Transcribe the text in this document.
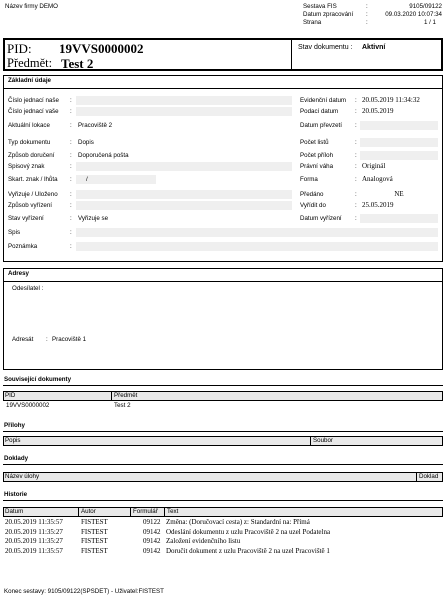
Název firmy DEMO	Sestava FIS	:	9105/09122
Datum zpracování :	09.03.2020 10:07:34
Strana	:	1 / 1
PID: 19VVS0000002
Předmět: Test 2
Stav dokumentu : Aktivní
Základní údaje
Číslo jednací naše :
Číslo jednací vaše :
Aktuální lokace	: Pracoviště 2
Typ dokumentu	: Dopis
Způsob doručení	: Doporučená pošta
Spisový znak	:
Skart. znak / lhůta : /
Vyřizuje / Uloženo :
Způsob vyřízení	:
Stav vyřízení	: Vyřizuje se
Spis	:
Poznámka	:
Evidenční datum : 20.05.2019 11:34:32
Podací datum	: 20.05.2019
Datum převzetí :
Počet listů	:
Počet příloh	:
Právní váha	: Originál
Forma	: Analogová
Předáno	:	NE
Vyřídit do	: 25.05.2019
Datum vyřízení :
Adresy
Odesílatel :
Adresát : Pracoviště 1
Související dokumenty
PID	Předmět
19VVS0000002	Test 2
Přílohy
Popis	Soubor
Doklady
Název úlohy	Doklad
Historie
Datum	Autor	Formulář Text
20.05.2019 11:35:57	FISTEST	09122 Změna: (Doručovací cesta) z: Standardní na: Přímá
20.05.2019 11:35:27	FISTEST	09142 Odeslání dokumentu z uzlu Pracoviště 2 na uzel Podatelna
20.05.2019 11:35:27	FISTEST	09142 Založení evidenčního listu
20.05.2019 11:35:57	FISTEST	09142 Doručit dokument z uzlu Pracoviště 2 na uzel Pracoviště 1
Konec sestavy: 9105/09122(SPSDET) - Uživatel:FISTEST
